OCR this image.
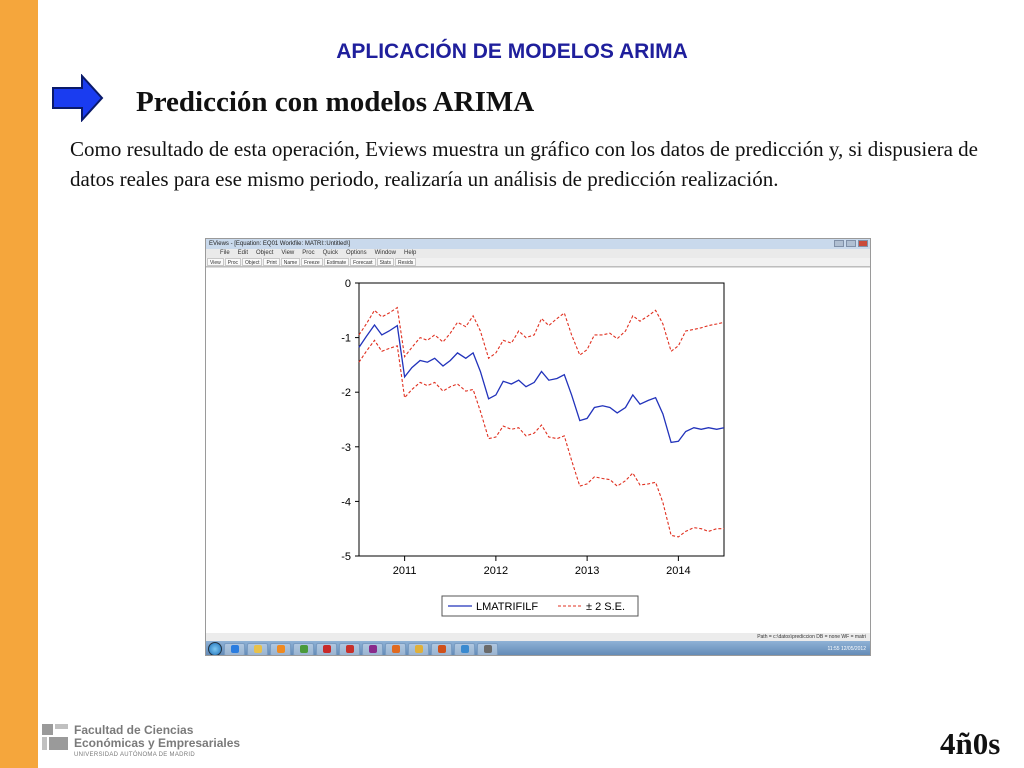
APLICACIÓN DE MODELOS ARIMA
Predicción con modelos ARIMA
Como resultado de esta operación, Eviews muestra un gráfico con los datos de predicción y, si dispusiera de datos reales para ese mismo periodo, realizaría un análisis de predicción realización.
EViews - [Equation: EQ01 Workfile: MATRI::Untitled\]
File Edit Object View Proc Quick Options Window Help
View	Proc	Object	Print	Name	Freeze	Estimate	Forecast	Stats	Resids
0
-1
-2
-3
-4
-5
2011	2012	2013	2014
LMATRIFILF	± 2 S.E.
Path = c:\datos\prediccion DB = none WF = matri
11:55 12/05/2012
Facultad de Ciencias
Económicas y Empresariales
UNIVERSIDAD AUTÓNOMA DE MADRID	4ñ0s
